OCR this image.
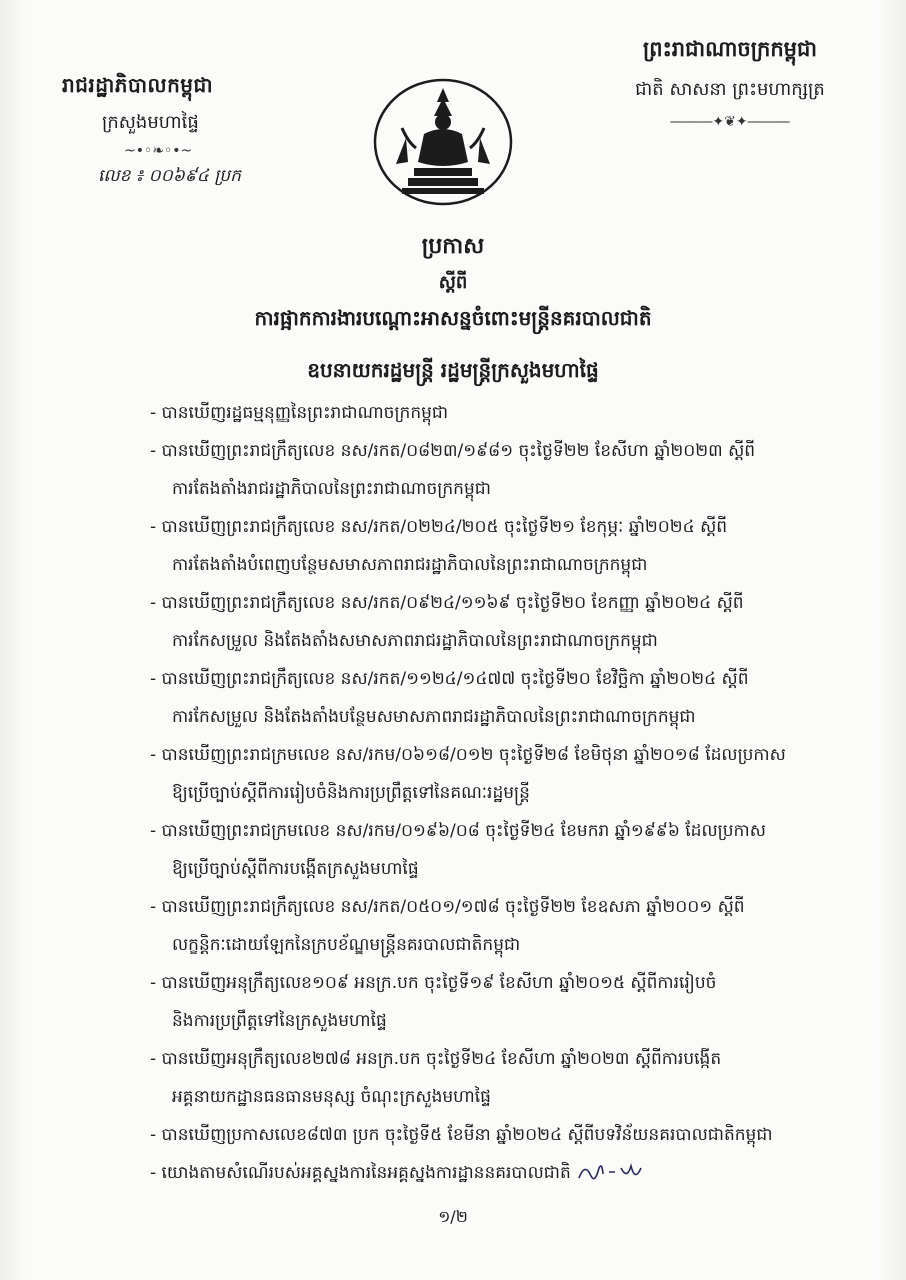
រាជរដ្ឋាភិបាលកម្ពុជា
ក្រសួងមហាផ្ទៃ
~•◦❧◦•~
លេខ ៖ ០០៦៩៤ ប្រក
ព្រះរាជាណាចក្រកម្ពុជា
ជាតិ សាសនា ព្រះមហាក្សត្រ
―――✦❦✦―――
ប្រកាស
ស្តីពី
ការផ្អាកការងារបណ្តោះអាសន្នចំពោះមន្ត្រីនគរបាលជាតិ
ឧបនាយករដ្ឋមន្ត្រី រដ្ឋមន្ត្រីក្រសួងមហាផ្ទៃ
- បានឃើញរដ្ឋធម្មនុញ្ញនៃព្រះរាជាណាចក្រកម្ពុជា
- បានឃើញព្រះរាជក្រឹត្យលេខ នស/រកត/០៨២៣/១៩៨១ ចុះថ្ងៃទី២២ ខែសីហា ឆ្នាំ២០២៣ ស្តីពី
ការតែងតាំងរាជរដ្ឋាភិបាលនៃព្រះរាជាណាចក្រកម្ពុជា
- បានឃើញព្រះរាជក្រឹត្យលេខ នស/រកត/០២២៤/២០៥ ចុះថ្ងៃទី២១ ខែកុម្ភៈ ឆ្នាំ២០២៤ ស្តីពី
ការតែងតាំងបំពេញបន្ថែមសមាសភាពរាជរដ្ឋាភិបាលនៃព្រះរាជាណាចក្រកម្ពុជា
- បានឃើញព្រះរាជក្រឹត្យលេខ នស/រកត/០៩២៤/១១៦៩ ចុះថ្ងៃទី២០ ខែកញ្ញា ឆ្នាំ២០២៤ ស្តីពី
ការកែសម្រួល និងតែងតាំងសមាសភាពរាជរដ្ឋាភិបាលនៃព្រះរាជាណាចក្រកម្ពុជា
- បានឃើញព្រះរាជក្រឹត្យលេខ នស/រកត/១១២៤/១៤៧៧ ចុះថ្ងៃទី២០ ខែវិច្ឆិកា ឆ្នាំ២០២៤ ស្តីពី
ការកែសម្រួល និងតែងតាំងបន្ថែមសមាសភាពរាជរដ្ឋាភិបាលនៃព្រះរាជាណាចក្រកម្ពុជា
- បានឃើញព្រះរាជក្រមលេខ នស/រកម/០៦១៨/០១២ ចុះថ្ងៃទី២៨ ខែមិថុនា ឆ្នាំ២០១៨ ដែលប្រកាស
ឱ្យប្រើច្បាប់ស្តីពីការរៀបចំនិងការប្រព្រឹត្តទៅនៃគណៈរដ្ឋមន្ត្រី
- បានឃើញព្រះរាជក្រមលេខ នស/រកម/០១៩៦/០៨ ចុះថ្ងៃទី២៤ ខែមករា ឆ្នាំ១៩៩៦ ដែលប្រកាស
ឱ្យប្រើច្បាប់ស្តីពីការបង្កើតក្រសួងមហាផ្ទៃ
- បានឃើញព្រះរាជក្រឹត្យលេខ នស/រកត/០៥០១/១៧៨ ចុះថ្ងៃទី២២ ខែឧសភា ឆ្នាំ២០០១ ស្តីពី
លក្ខន្តិកៈដោយឡែកនៃក្របខ័ណ្ឌមន្ត្រីនគរបាលជាតិកម្ពុជា
- បានឃើញអនុក្រឹត្យលេខ១០៩ អនក្រ.បក ចុះថ្ងៃទី១៩ ខែសីហា ឆ្នាំ២០១៥ ស្តីពីការរៀបចំ
និងការប្រព្រឹត្តទៅនៃក្រសួងមហាផ្ទៃ
- បានឃើញអនុក្រឹត្យលេខ២៧៨ អនក្រ.បក ចុះថ្ងៃទី២៤ ខែសីហា ឆ្នាំ២០២៣ ស្តីពីការបង្កើត
អគ្គនាយកដ្ឋានធនធានមនុស្ស ចំណុះក្រសួងមហាផ្ទៃ
- បានឃើញប្រកាសលេខ៨៧៣ ប្រក ចុះថ្ងៃទី៥ ខែមីនា ឆ្នាំ២០២៤ ស្តីពីបទវិន័យនគរបាលជាតិកម្ពុជា
- យោងតាមសំណើរបស់អគ្គស្នងការនៃអគ្គស្នងការដ្ឋាននគរបាលជាតិ
១/២
